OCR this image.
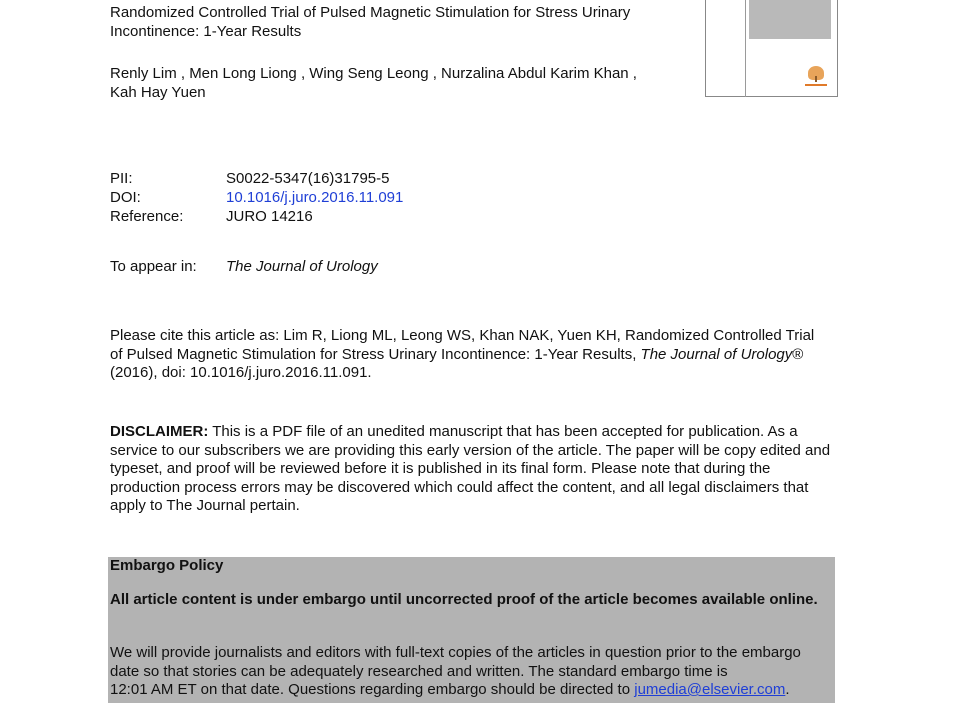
Randomized Controlled Trial of Pulsed Magnetic Stimulation for Stress Urinary Incontinence: 1-Year Results
Renly Lim , Men Long Liong , Wing Seng Leong , Nurzalina Abdul Karim Khan ,
Kah Hay Yuen
PII:	S0022-5347(16)31795-5
DOI:	10.1016/j.juro.2016.11.091
Reference:	JURO 14216
To appear in: The Journal of Urology
Please cite this article as: Lim R, Liong ML, Leong WS, Khan NAK, Yuen KH, Randomized Controlled Trial of Pulsed Magnetic Stimulation for Stress Urinary Incontinence: 1-Year Results, The Journal of Urology® (2016), doi: 10.1016/j.juro.2016.11.091.
DISCLAIMER: This is a PDF file of an unedited manuscript that has been accepted for publication. As a service to our subscribers we are providing this early version of the article. The paper will be copy edited and typeset, and proof will be reviewed before it is published in its final form. Please note that during the production process errors may be discovered which could affect the content, and all legal disclaimers that apply to The Journal pertain.

Embargo Policy

All article content is under embargo until uncorrected proof of the article becomes available online.

We will provide journalists and editors with full-text copies of the articles in question prior to the embargo
date so that stories can be adequately researched and written. The standard embargo time is
12:01 AM ET on that date. Questions regarding embargo should be directed to jumedia@elsevier.com.
